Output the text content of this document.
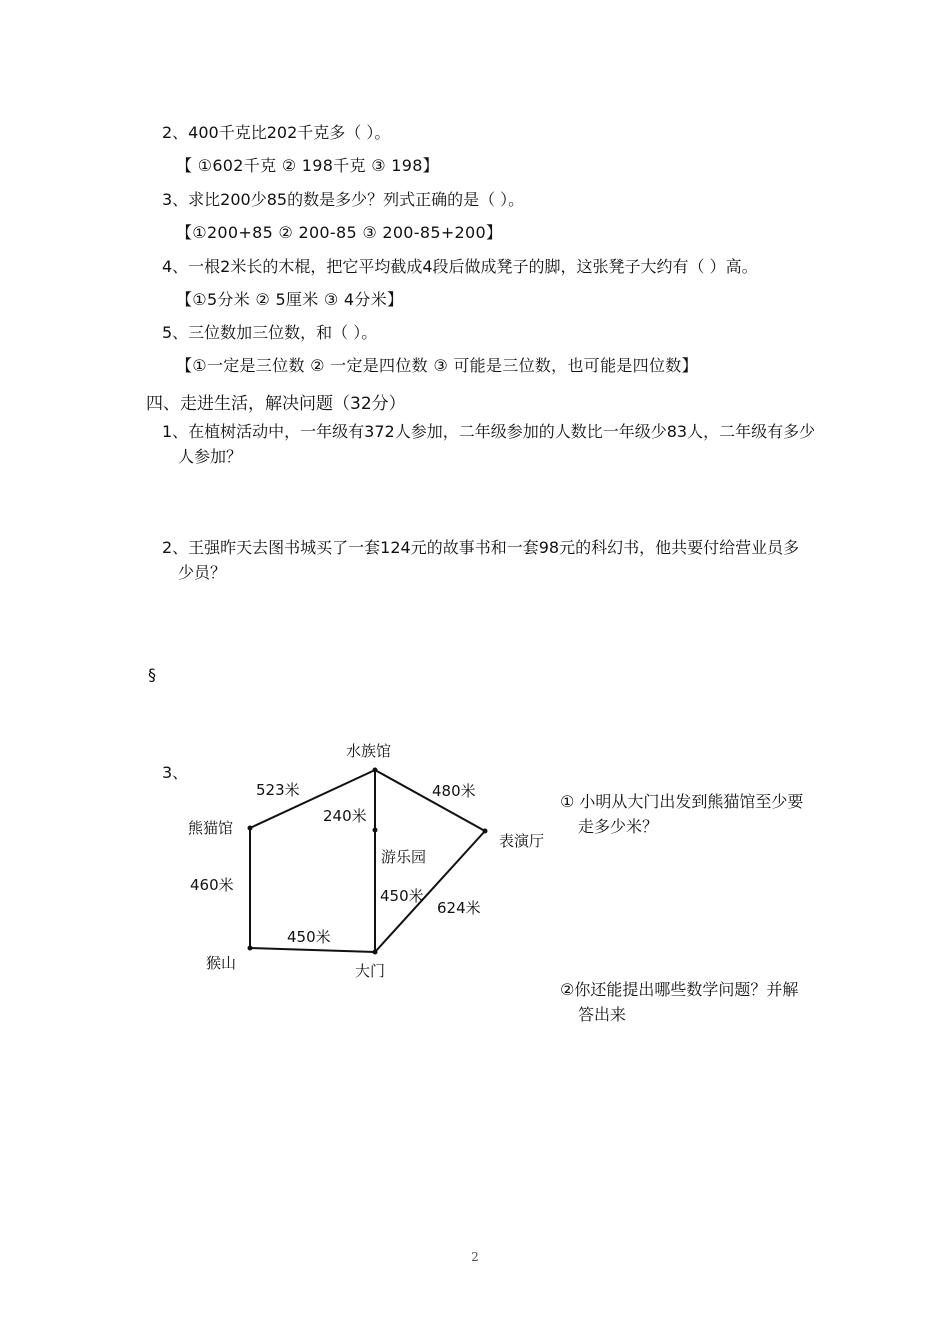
2、400千克比202千克多（ ）。
【 ①602千克 ② 198千克 ③ 198】
3、求比200少85的数是多少？列式正确的是（ ）。
【①200+85 ② 200-85 ③ 200-85+200】
4、一根2米长的木棍，把它平均截成4段后做成凳子的脚，这张凳子大约有（ ）高。
【①5分米 ② 5厘米 ③ 4分米】
5、三位数加三位数，和（ ）。
【①一定是三位数 ② 一定是四位数 ③ 可能是三位数，也可能是四位数】
四、走进生活，解决问题（32分）
1、在植树活动中，一年级有372人参加，二年级参加的人数比一年级少83人，二年级有多少
人参加？
2、王强昨天去图书城买了一套124元的故事书和一套98元的科幻书，他共要付给营业员多
少员？
§
3、
水族馆
熊猫馆
表演厅
游乐园
猴山	大门
523米	480米
240米
460米
450米
624米
450米
① 小明从大门出发到熊猫馆至少要
走多少米？
②你还能提出哪些数学问题？并解
答出来
2
